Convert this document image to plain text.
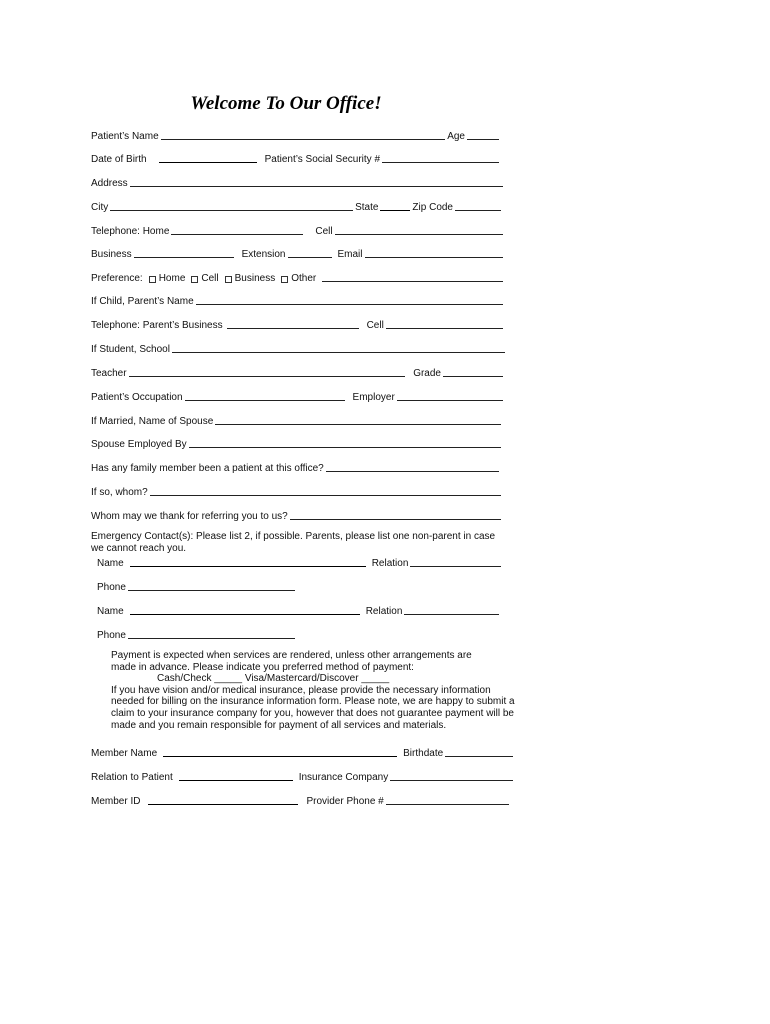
Welcome To Our Office!
Patient’s Name	Age
Date of Birth	Patient’s Social Security #
Address
City	State	Zip Code
Telephone: Home	Cell
Business	Extension	Email
Preference: Home Cell Business Other
If Child, Parent’s Name
Telephone: Parent’s Business	Cell
If Student, School
Teacher	Grade
Patient’s Occupation	Employer
If Married, Name of Spouse
Spouse Employed By
Has any family member been a patient at this office?
If so, whom?
Whom may we thank for referring you to us?
Emergency Contact(s): Please list 2, if possible. Parents, please list one non-parent in case
we cannot reach you.
Name	Relation
Phone
Name	Relation
Phone
Payment is expected when services are rendered, unless other arrangements are
made in advance. Please indicate you preferred method of payment:
Cash/Check _____ Visa/Mastercard/Discover _____
If you have vision and/or medical insurance, please provide the necessary information
needed for billing on the insurance information form. Please note, we are happy to submit a
claim to your insurance company for you, however that does not guarantee payment will be
made and you remain responsible for payment of all services and materials.
Member Name	Birthdate
Relation to Patient	Insurance Company
Member ID	Provider Phone #
